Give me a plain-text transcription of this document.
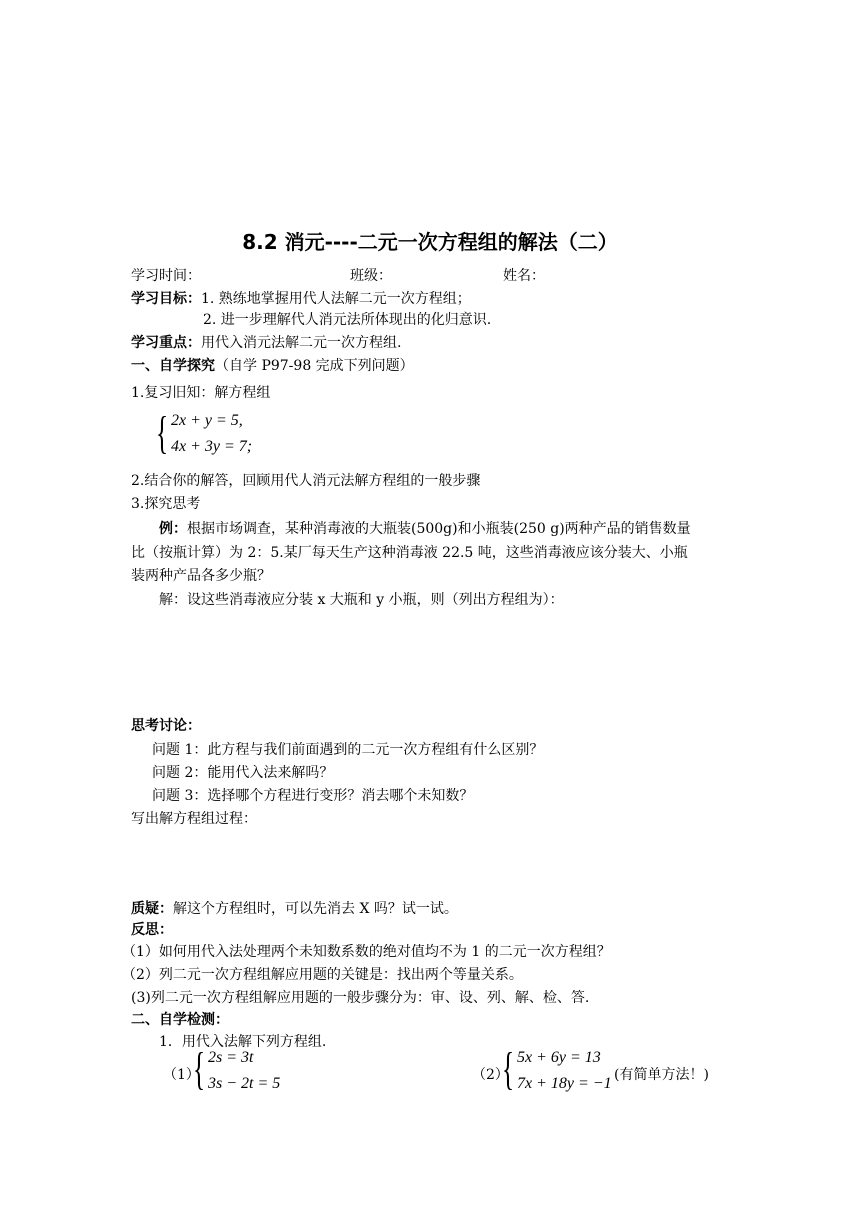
8.2 消元----二元一次方程组的解法（二）
学习时间：	班级：	姓名：
学习目标：1. 熟练地掌握用代人法解二元一次方程组；
2. 进一步理解代人消元法所体现出的化归意识.
学习重点：用代入消元法解二元一次方程组.
一、自学探究（自学 P97-98 完成下列问题）
1.复习旧知：解方程组
{ 2x + y = 5,
4x + 3y = 7;
2.结合你的解答，回顾用代人消元法解方程组的一般步骤
3.探究思考
例：根据市场调查，某种消毒液的大瓶装(500g)和小瓶装(250 g)两种产品的销售数量
比（按瓶计算）为 2：5.某厂每天生产这种消毒液 22.5 吨，这些消毒液应该分装大、小瓶
装两种产品各多少瓶？
解：设这些消毒液应分装 x 大瓶和 y 小瓶，则（列出方程组为）：
思考讨论：
问题 1：此方程与我们前面遇到的二元一次方程组有什么区别？
问题 2：能用代入法来解吗？
问题 3：选择哪个方程进行变形？消去哪个未知数？
写出解方程组过程：
质疑：解这个方程组时，可以先消去 X 吗？试一试。
反思：
（1）如何用代入法处理两个未知数系数的绝对值均不为 1 的二元一次方程组？
（2）列二元一次方程组解应用题的关键是：找出两个等量关系。
(3)列二元一次方程组解应用题的一般步骤分为：审、设、列、解、检、答.
二、自学检测：
1．用代入法解下列方程组.
（1）
{ 2s = 3t
3s − 2t = 5	（2）
{ 5x + 6y = 13
7x + 18y = −1 (有简单方法！)
